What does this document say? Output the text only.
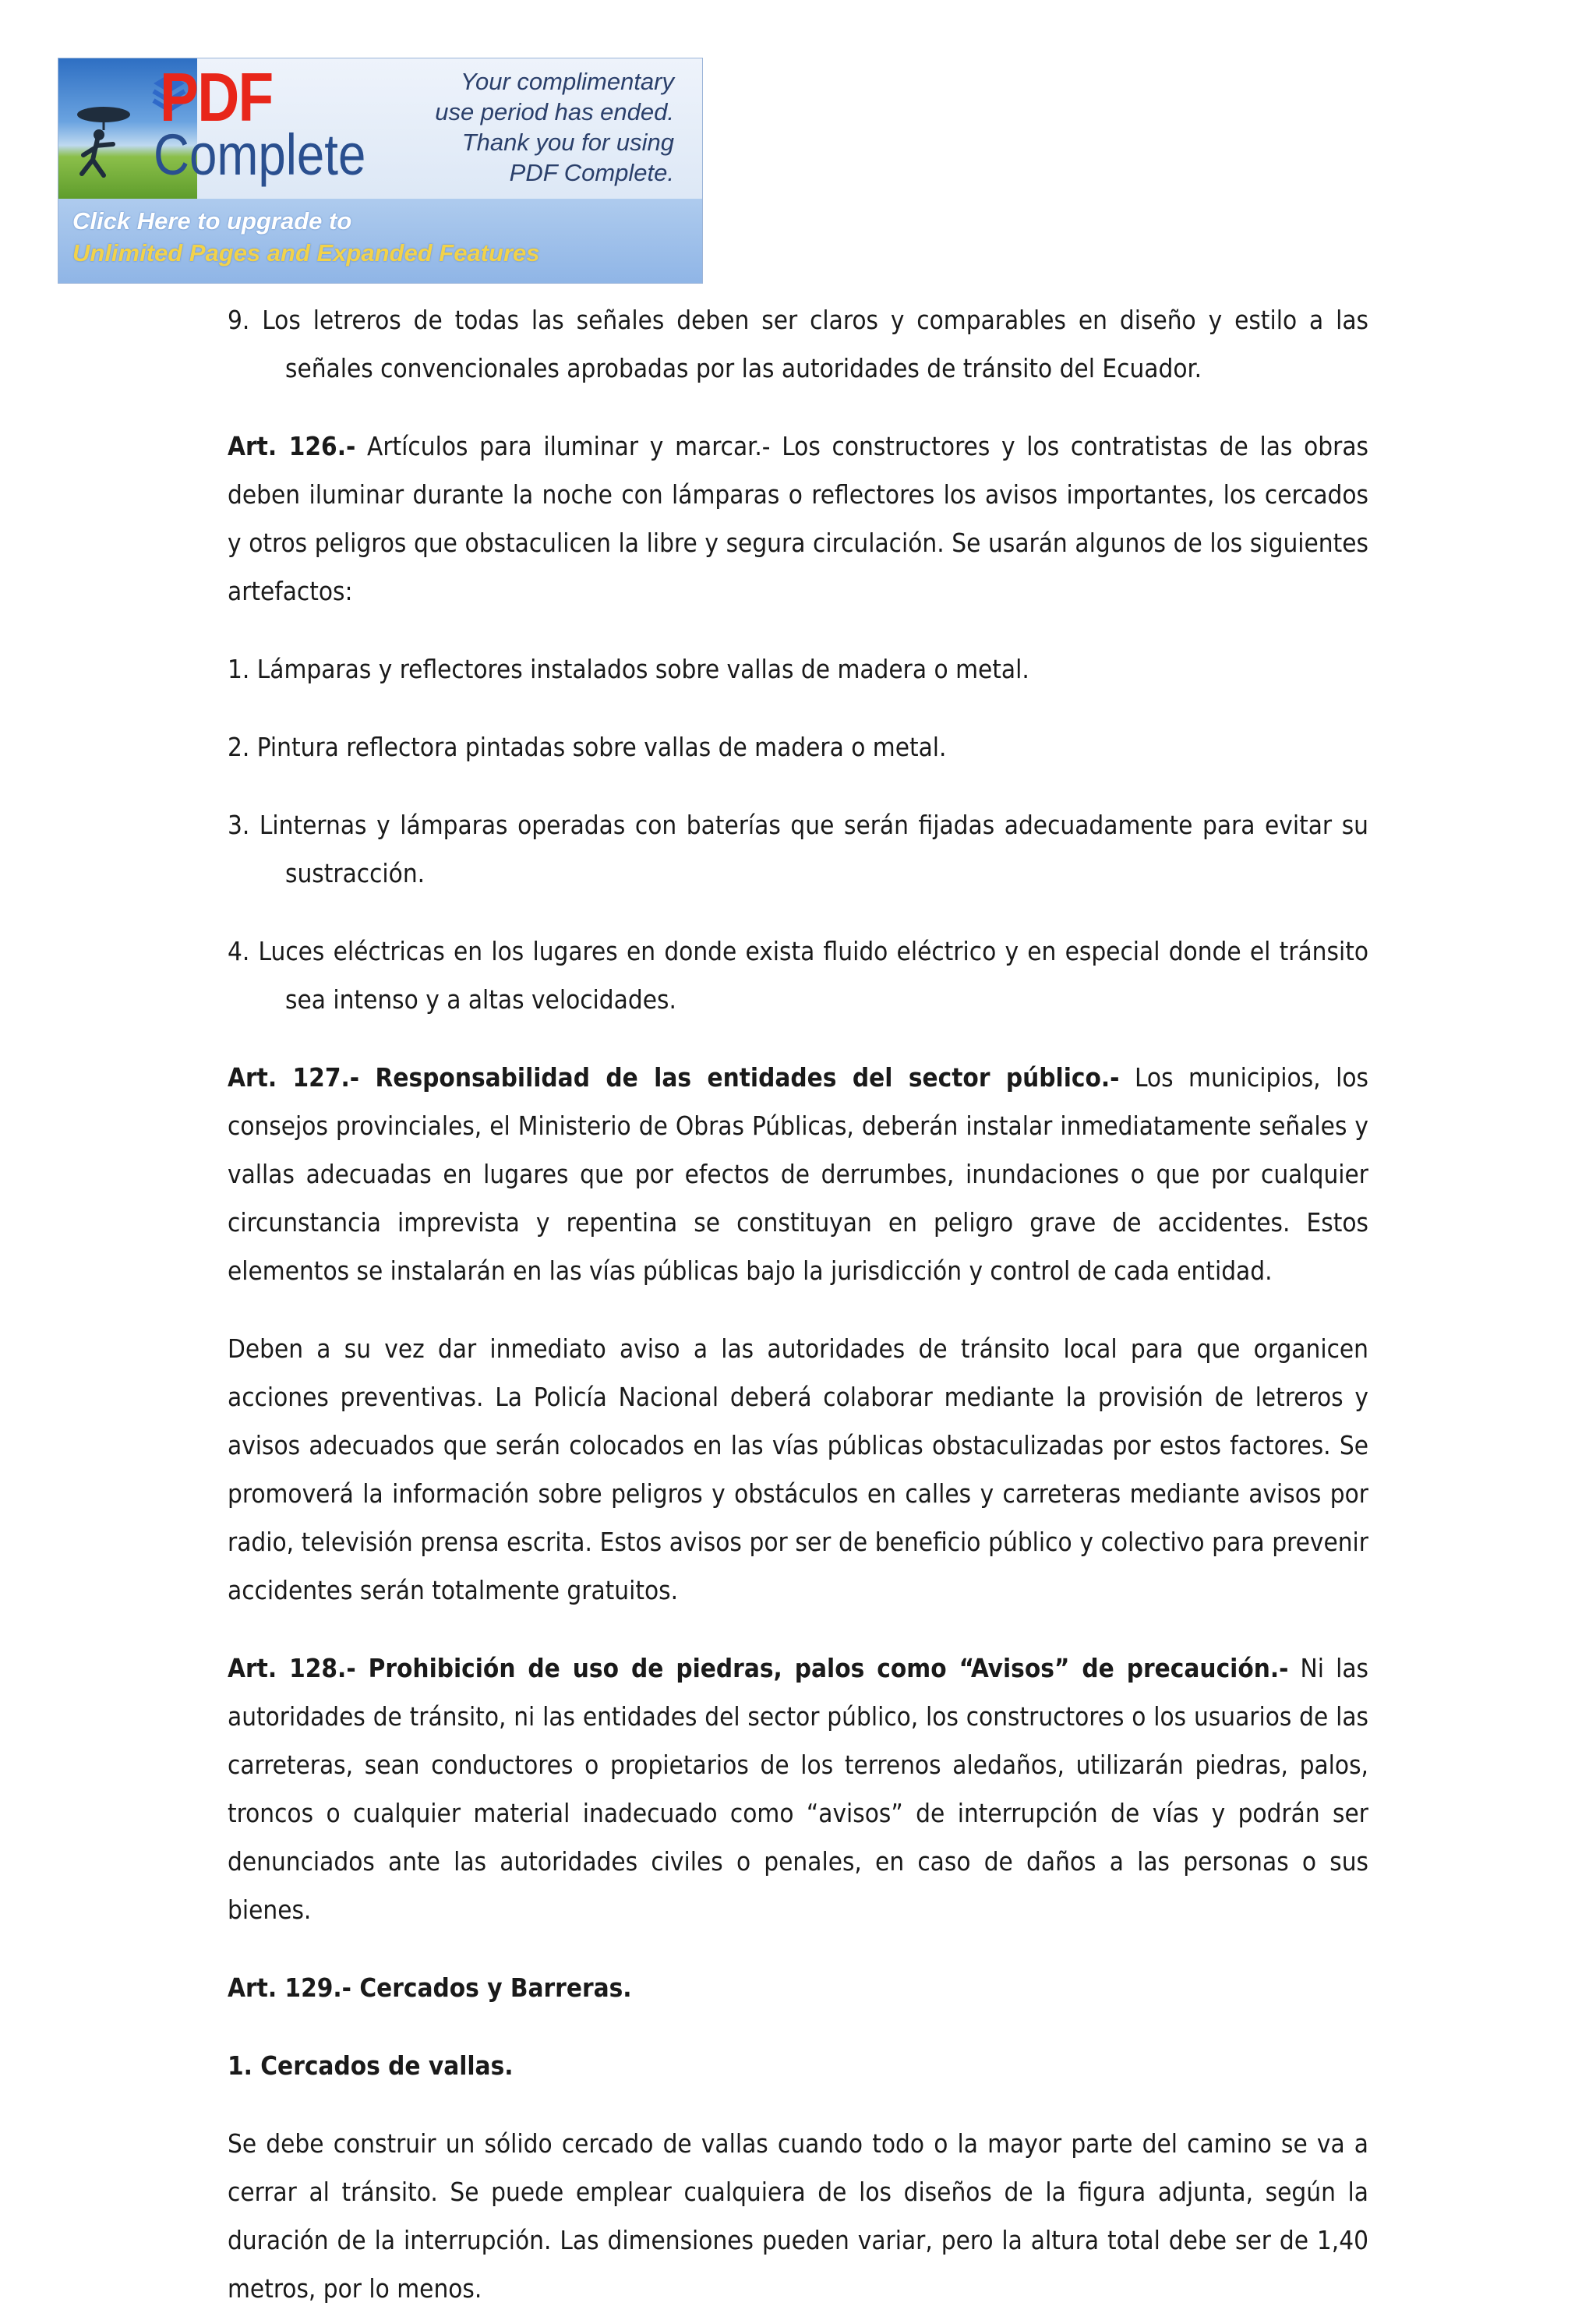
PDF
Complete
Your complimentary
use period has ended.
Thank you for using
PDF Complete.
Click Here to upgrade to
Unlimited Pages and Expanded Features

9. Los letreros de todas las señales deben ser claros y comparables en diseño y estilo a las señales convencionales aprobadas por las autoridades de tránsito del Ecuador.

Art. 126.- Artículos para iluminar y marcar.- Los constructores y los contratistas de las obras deben iluminar durante la noche con lámparas o reflectores los avisos importantes, los cercados y otros peligros que obstaculicen la libre y segura circulación. Se usarán algunos de los siguientes artefactos:

1. Lámparas y reflectores instalados sobre vallas de madera o metal.

2. Pintura reflectora pintadas sobre vallas de madera o metal.

3. Linternas y lámparas operadas con baterías que serán fijadas adecuadamente para evitar su sustracción.

4. Luces eléctricas en los lugares en donde exista fluido eléctrico y en especial donde el tránsito sea intenso y a altas velocidades.

Art. 127.- Responsabilidad de las entidades del sector público.- Los municipios, los consejos provinciales, el Ministerio de Obras Públicas, deberán instalar inmediatamente señales y vallas adecuadas en lugares que por efectos de derrumbes, inundaciones o que por cualquier circunstancia imprevista y repentina se constituyan en peligro grave de accidentes. Estos elementos se instalarán en las vías públicas bajo la jurisdicción y control de cada entidad.

Deben a su vez dar inmediato aviso a las autoridades de tránsito local para que organicen acciones preventivas. La Policía Nacional deberá colaborar mediante la provisión de letreros y avisos adecuados que serán colocados en las vías públicas obstaculizadas por estos factores. Se promoverá la información sobre peligros y obstáculos en calles y carreteras mediante avisos por radio, televisión prensa escrita. Estos avisos por ser de beneficio público y colectivo para prevenir accidentes serán totalmente gratuitos.

Art. 128.- Prohibición de uso de piedras, palos como “Avisos” de precaución.- Ni las autoridades de tránsito, ni las entidades del sector público, los constructores o los usuarios de las carreteras, sean conductores o propietarios de los terrenos aledaños, utilizarán piedras, palos, troncos o cualquier material inadecuado como “avisos” de interrupción de vías y podrán ser denunciados ante las autoridades civiles o penales, en caso de daños a las personas o sus bienes.

Art. 129.- Cercados y Barreras.

1. Cercados de vallas.

Se debe construir un sólido cercado de vallas cuando todo o la mayor parte del camino se va a cerrar al tránsito. Se puede emplear cualquiera de los diseños de la figura adjunta, según la duración de la interrupción. Las dimensiones pueden variar, pero la altura total debe ser de 1,40 metros, por lo menos.
